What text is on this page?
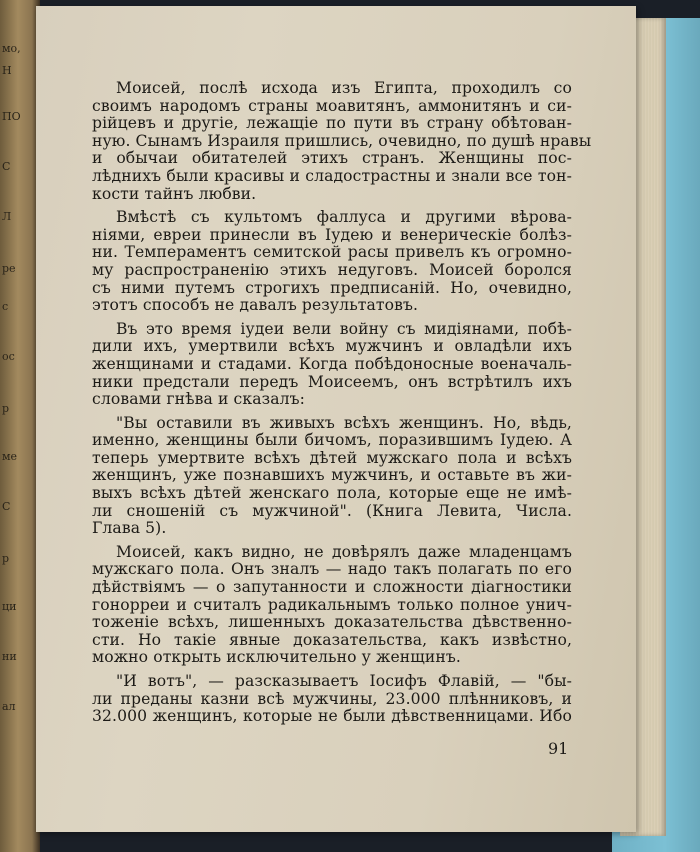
мо,
Н
ПО
С
Л
ре
с
ос
р
ме
С
р
ци
ни
ал

Моисей, послѣ исхода изъ Египта, проходилъ со
своимъ народомъ страны моавитянъ, аммонитянъ и си-
рійцевъ и другіе, лежащіе по пути въ страну обѣтован-
ную. Сынамъ Израиля пришлись, очевидно, по душѣ нравы
и обычаи обитателей этихъ странъ. Женщины пос-
лѣднихъ были красивы и сладострастны и знали все тон-
кости тайнъ любви.

Вмѣстѣ съ культомъ фаллуса и другими вѣрова-
ніями, евреи принесли въ Іудею и венерическіе болѣз-
ни. Темпераментъ семитской расы привелъ къ огромно-
му распространенію этихъ недуговъ. Моисей боролся
съ ними путемъ строгихъ предписаній. Но, очевидно,
этотъ способъ не давалъ результатовъ.

Въ это время іудеи вели войну съ мидіянами, побѣ-
дили ихъ, умертвили всѣхъ мужчинъ и овладѣли ихъ
женщинами и стадами. Когда побѣдоносные военачаль-
ники предстали передъ Моисеемъ, онъ встрѣтилъ ихъ
словами гнѣва и сказалъ:

"Вы оставили въ живыхъ всѣхъ женщинъ. Но, вѣдь,
именно, женщины были бичомъ, поразившимъ Іудею. А
теперь умертвите всѣхъ дѣтей мужскаго пола и всѣхъ
женщинъ, уже познавшихъ мужчинъ, и оставьте въ жи-
выхъ всѣхъ дѣтей женскаго пола, которые еще не имѣ-
ли сношеній съ мужчиной". (Книга Левита, Числа.
Глава 5).

Моисей, какъ видно, не довѣрялъ даже младенцамъ
мужскаго пола. Онъ зналъ — надо такъ полагать по его
дѣйствіямъ — о запутанности и сложности діагностики
гонорреи и считалъ радикальнымъ только полное унич-
тоженіе всѣхъ, лишенныхъ доказательства дѣвственно-
сти. Но такіе явные доказательства, какъ извѣстно,
можно открыть исключительно у женщинъ.

"И вотъ", — разсказываетъ Іосифъ Флавій, — "бы-
ли преданы казни всѣ мужчины, 23.000 плѣнниковъ, и
32.000 женщинъ, которые не были дѣвственницами. Ибо

91
